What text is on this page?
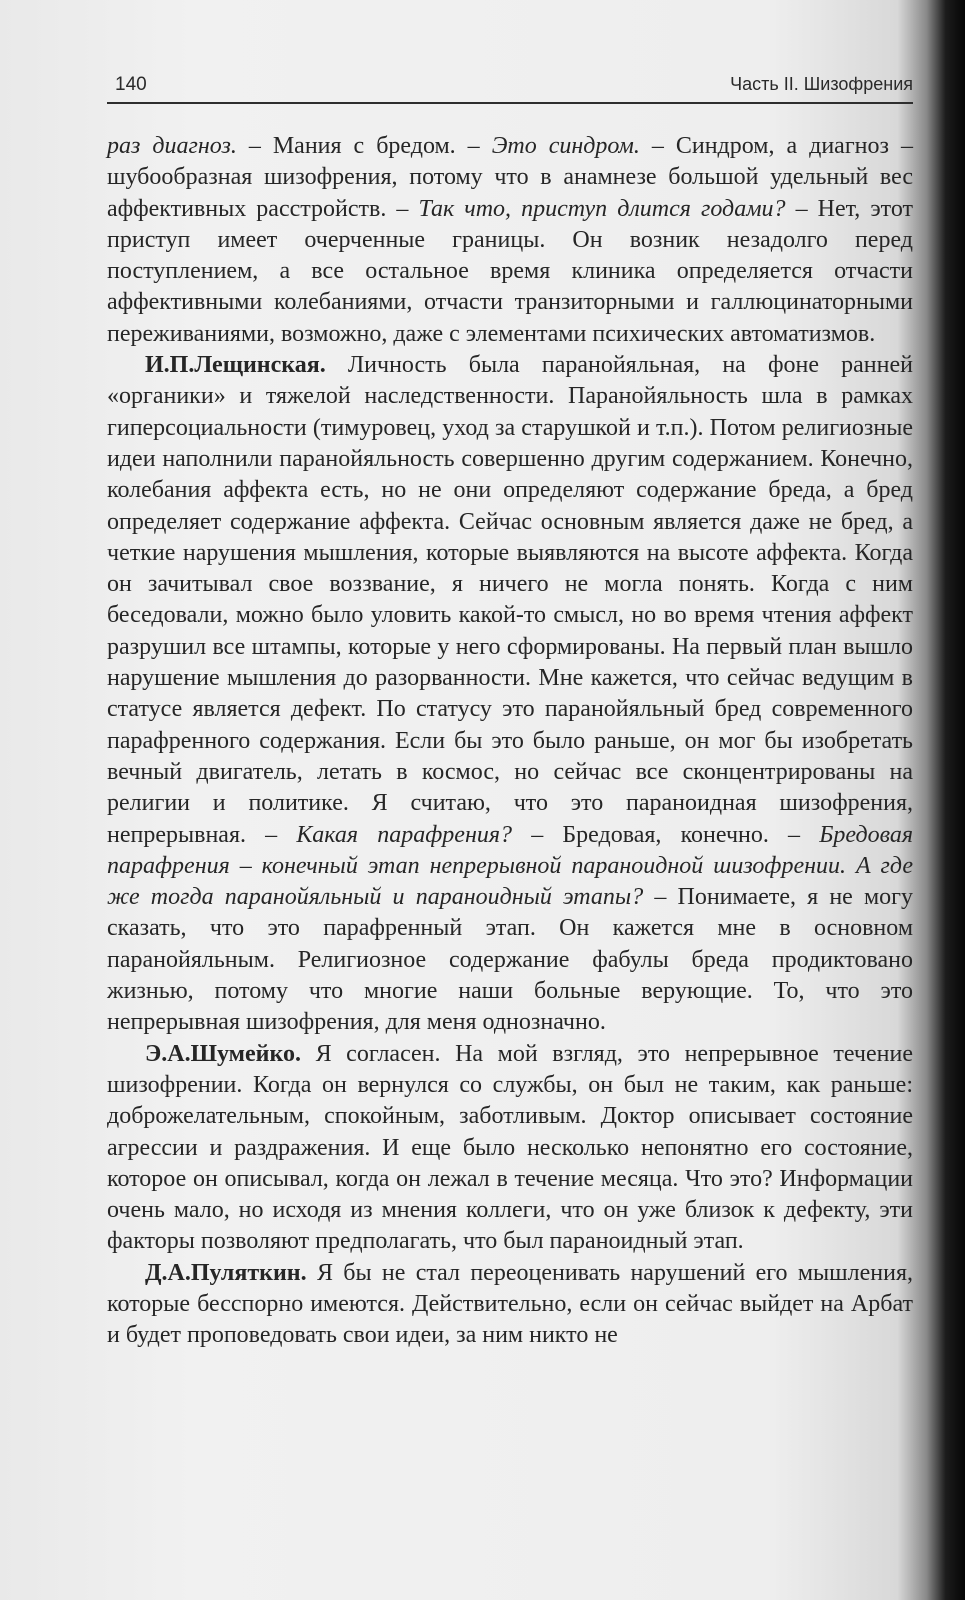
140	Часть II. Шизофрения

раз диагноз. – Мания с бредом. – Это синдром. – Синдром, а диагноз – шубообразная шизофрения, потому что в анамнезе большой удельный вес аффективных расстройств. – Так что, приступ длится годами? – Нет, этот приступ имеет очерченные границы. Он возник незадолго перед поступлением, а все остальное время клиника определяется отчасти аффективными колебаниями, отчасти транзиторными и галлюцинаторными переживаниями, возможно, даже с элементами психических автоматизмов.

И.П.Лещинская. Личность была паранойяльная, на фоне ранней «органики» и тяжелой наследственности. Паранойяльность шла в рамках гиперсоциальности (тимуровец, уход за старушкой и т.п.). Потом религиозные идеи наполнили паранойяльность совершенно другим содержанием. Конечно, колебания аффекта есть, но не они определяют содержание бреда, а бред определяет содержание аффекта. Сейчас основным является даже не бред, а четкие нарушения мышления, которые выявляются на высоте аффекта. Когда он зачитывал свое воззвание, я ничего не могла понять. Когда с ним беседовали, можно было уловить какой-то смысл, но во время чтения аффект разрушил все штампы, которые у него сформированы. На первый план вышло нарушение мышления до разорванности. Мне кажется, что сейчас ведущим в статусе является дефект. По статусу это паранойяльный бред современного парафренного содержания. Если бы это было раньше, он мог бы изобретать вечный двигатель, летать в космос, но сейчас все сконцентрированы на религии и политике. Я считаю, что это параноидная шизофрения, непрерывная. – Какая парафрения? – Бредовая, конечно. – Бредовая парафрения – конечный этап непрерывной параноидной шизофрении. А где же тогда паранойяльный и параноидный этапы? – Понимаете, я не могу сказать, что это парафренный этап. Он кажется мне в основном паранойяльным. Религиозное содержание фабулы бреда продиктовано жизнью, потому что многие наши больные верующие. То, что это непрерывная шизофрения, для меня однозначно.

Э.А.Шумейко. Я согласен. На мой взгляд, это непрерывное течение шизофрении. Когда он вернулся со службы, он был не таким, как раньше: доброжелательным, спокойным, заботливым. Доктор описывает состояние агрессии и раздражения. И еще было несколько непонятно его состояние, которое он описывал, когда он лежал в течение месяца. Что это? Информации очень мало, но исходя из мнения коллеги, что он уже близок к дефекту, эти факторы позволяют предполагать, что был параноидный этап.

Д.А.Пуляткин. Я бы не стал переоценивать нарушений его мышления, которые бесспорно имеются. Действительно, если он сейчас выйдет на Арбат и будет проповедовать свои идеи, за ним никто не
